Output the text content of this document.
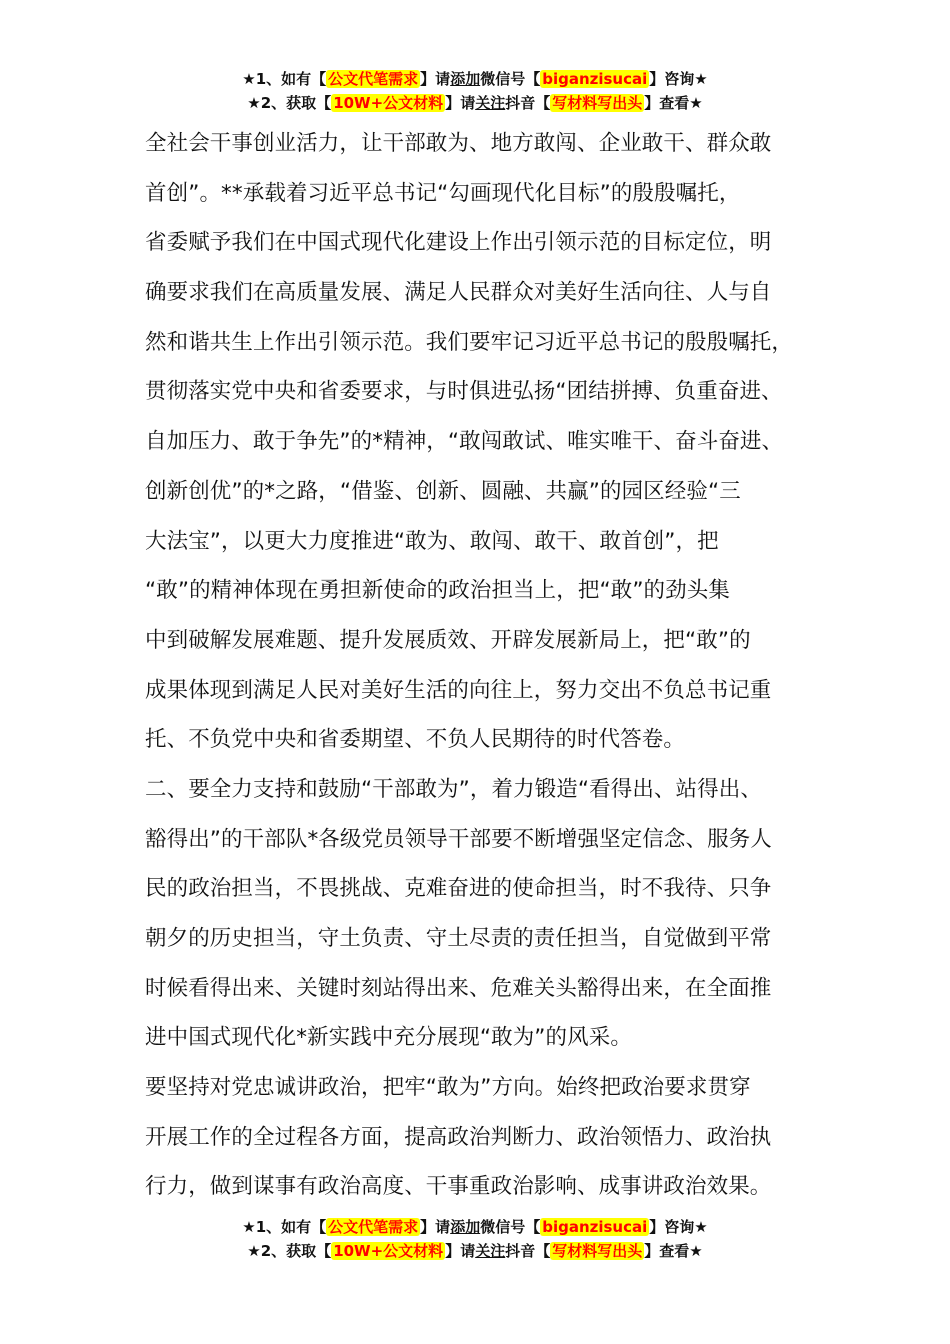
★1、如有【 公文代笔需求 】请添加微信号【 biganzisucai 】咨询★
★2、获取【 10W+公文材料 】请关注抖音【 写材料写出头 】查看★
全社会干事创业活力，让干部敢为、地方敢闯、企业敢干、群众敢
首创”。**承载着习近平总书记“勾画现代化目标”的殷殷嘱托，
省委赋予我们在中国式现代化建设上作出引领示范的目标定位，明
确要求我们在高质量发展、满足人民群众对美好生活向往、人与自
然和谐共生上作出引领示范。我们要牢记习近平总书记的殷殷嘱托，
贯彻落实党中央和省委要求，与时俱进弘扬“团结拼搏、负重奋进、
自加压力、敢于争先”的*精神，“敢闯敢试、唯实唯干、奋斗奋进、
创新创优”的*之路，“借鉴、创新、圆融、共赢”的园区经验“三
大法宝”，以更大力度推进“敢为、敢闯、敢干、敢首创”，把
“敢”的精神体现在勇担新使命的政治担当上，把“敢”的劲头集
中到破解发展难题、提升发展质效、开辟发展新局上，把“敢”的
成果体现到满足人民对美好生活的向往上，努力交出不负总书记重
托、不负党中央和省委期望、不负人民期待的时代答卷。
二、要全力支持和鼓励“干部敢为”，着力锻造“看得出、站得出、
豁得出”的干部队*各级党员领导干部要不断增强坚定信念、服务人
民的政治担当，不畏挑战、克难奋进的使命担当，时不我待、只争
朝夕的历史担当，守土负责、守土尽责的责任担当，自觉做到平常
时候看得出来、关键时刻站得出来、危难关头豁得出来，在全面推
进中国式现代化*新实践中充分展现“敢为”的风采。
要坚持对党忠诚讲政治，把牢“敢为”方向。始终把政治要求贯穿
开展工作的全过程各方面，提高政治判断力、政治领悟力、政治执
行力，做到谋事有政治高度、干事重政治影响、成事讲政治效果。
★1、如有【 公文代笔需求 】请添加微信号【 biganzisucai 】咨询★
★2、获取【 10W+公文材料 】请关注抖音【 写材料写出头 】查看★
